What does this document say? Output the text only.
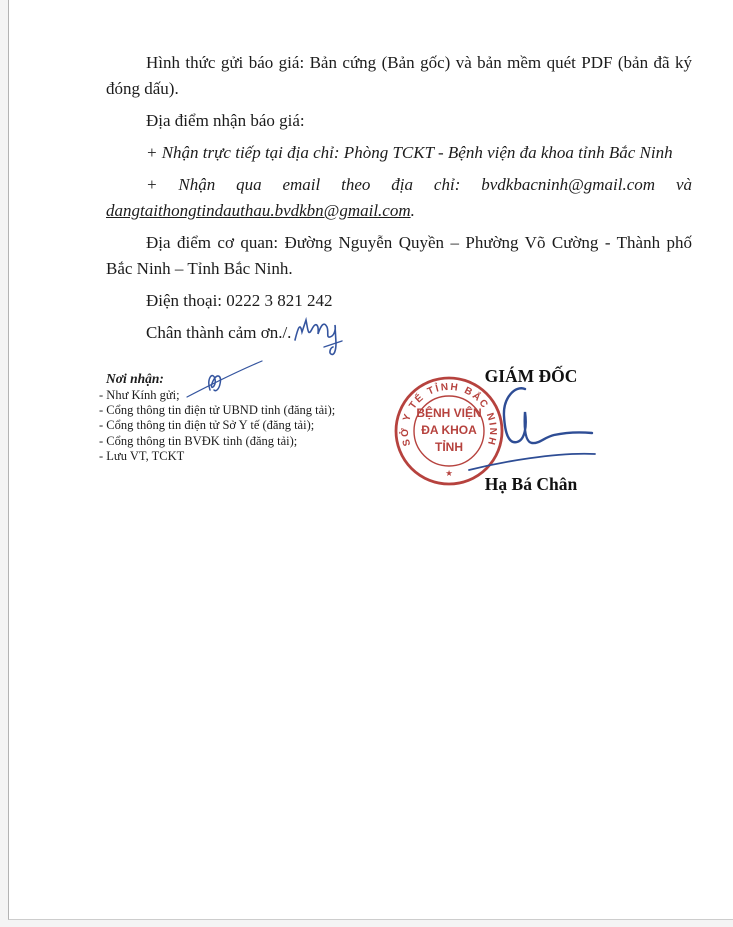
Hình thức gửi báo giá: Bản cứng (Bản gốc) và bản mềm quét PDF (bản đã ký đóng dấu).

Địa điểm nhận báo giá:

+ Nhận trực tiếp tại địa chỉ: Phòng TCKT - Bệnh viện đa khoa tỉnh Bắc Ninh

+ Nhận qua email theo địa chỉ: bvdkbacninh@gmail.com và dangtaithongtindauthau.bvdkbn@gmail.com.

Địa điểm cơ quan: Đường Nguyễn Quyền – Phường Võ Cường - Thành phố Bắc Ninh – Tỉnh Bắc Ninh.

Điện thoại: 0222 3 821 242

Chân thành cảm ơn./.

Nơi nhận:
- Như Kính gửi;
- Cổng thông tin điện tử UBND tỉnh (đăng tải);
- Cổng thông tin điện tử Sở Y tế (đăng tải);
- Cổng thông tin BVĐK tỉnh (đăng tải);
- Lưu VT, TCKT
GIÁM ĐỐC
SỞ Y TẾ TỈNH BẮC NINH
BỆNH VIỆN
ĐA KHOA
TỈNH
★
Hạ Bá Chân
